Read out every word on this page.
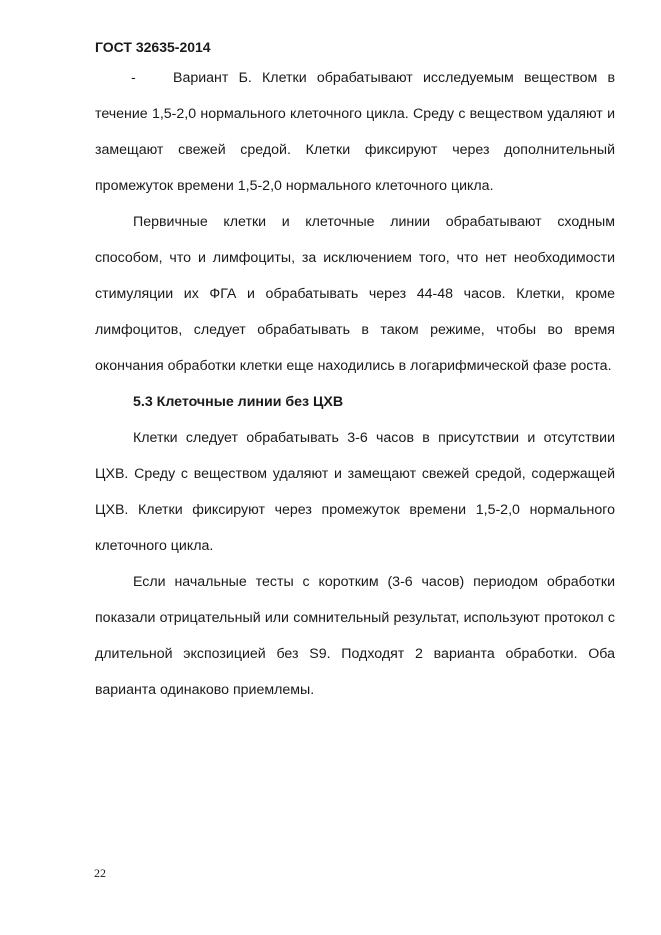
ГОСТ 32635-2014

-	Вариант Б. Клетки обрабатывают исследуемым веществом в течение 1,5-2,0 нормального клеточного цикла. Среду с веществом удаляют и замещают свежей средой. Клетки фиксируют через дополнительный промежуток времени 1,5-2,0 нормального клеточного цикла.

Первичные клетки и клеточные линии обрабатывают сходным способом, что и лимфоциты, за исключением того, что нет необходимости стимуляции их ФГА и обрабатывать через 44-48 часов. Клетки, кроме лимфоцитов, следует обрабатывать в таком режиме, чтобы во время окончания обработки клетки еще находились в логарифмической фазе роста.

5.3 Клеточные линии без ЦХВ

Клетки следует обрабатывать 3-6 часов в присутствии и отсутствии ЦХВ. Среду с веществом удаляют и замещают свежей средой, содержащей ЦХВ. Клетки фиксируют через промежуток времени 1,5-2,0 нормального клеточного цикла.

Если начальные тесты с коротким (3-6 часов) периодом обработки показали отрицательный или сомнительный результат, используют протокол с длительной экспозицией без S9. Подходят 2 варианта обработки. Оба варианта одинаково приемлемы.

22
